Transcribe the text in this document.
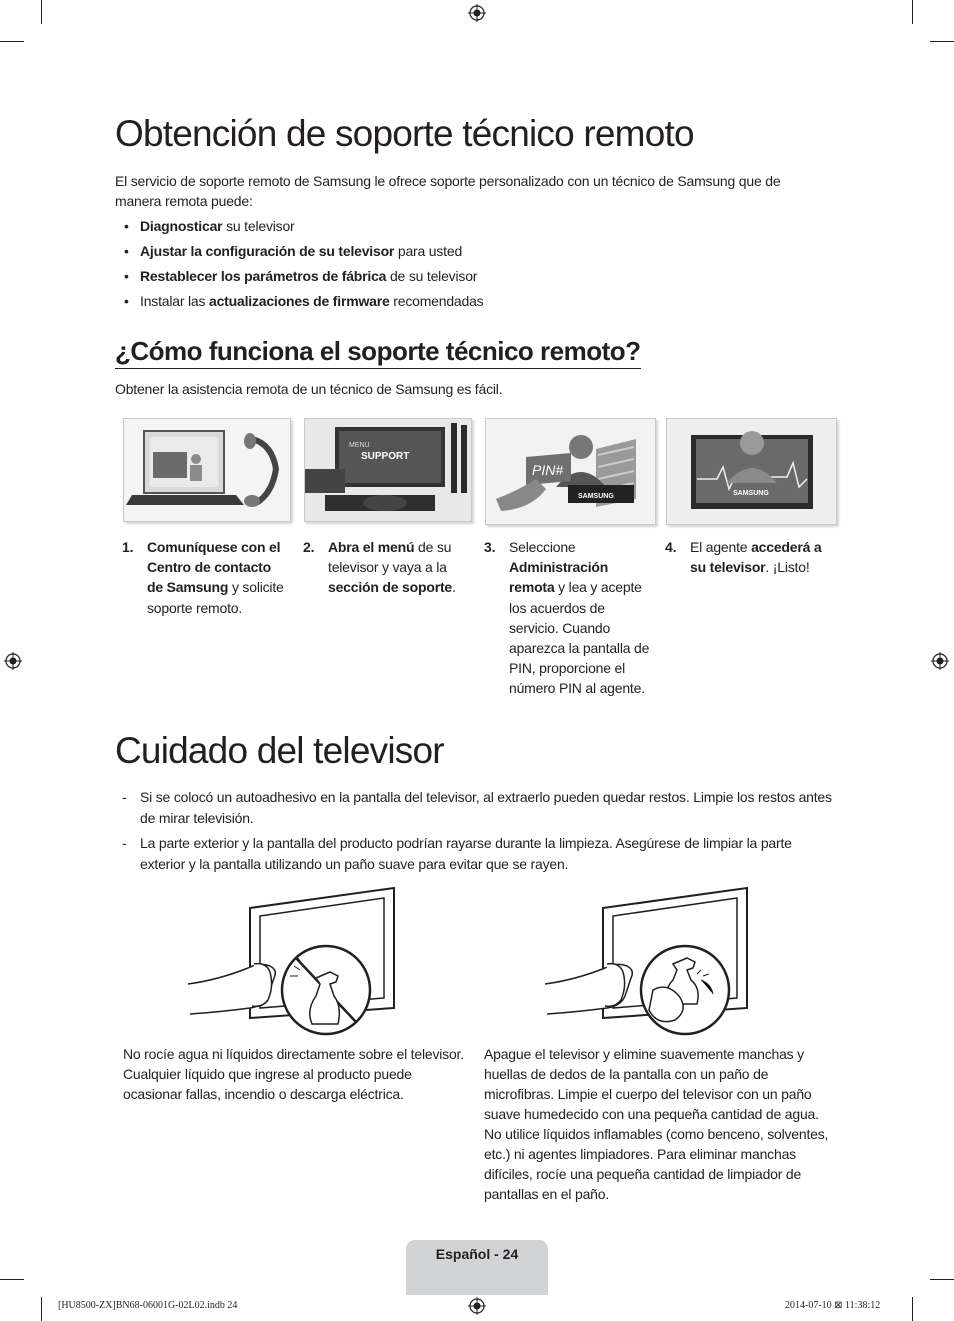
Obtención de soporte técnico remoto
El servicio de soporte remoto de Samsung le ofrece soporte personalizado con un técnico de Samsung que de manera remota puede:
• Diagnosticar su televisor
• Ajustar la configuración de su televisor para usted
• Restablecer los parámetros de fábrica de su televisor
• Instalar las actualizaciones de firmware recomendadas
¿Cómo funciona el soporte técnico remoto?
Obtener la asistencia remota de un técnico de Samsung es fácil.
MENU
SUPPORT
PIN#
SAMSUNG	SAMSUNG
1. Comuníquese con el Centro de contacto de Samsung y solicite soporte remoto.
2. Abra el menú de su televisor y vaya a la sección de soporte.
3. Seleccione Administración remota y lea y acepte los acuerdos de servicio. Cuando aparezca la pantalla de PIN, proporcione el número PIN al agente.
4. El agente accederá a su televisor. ¡Listo!
Cuidado del televisor
- Si se colocó un autoadhesivo en la pantalla del televisor, al extraerlo pueden quedar restos. Limpie los restos antes de mirar televisión.
- La parte exterior y la pantalla del producto podrían rayarse durante la limpieza. Asegúrese de limpiar la parte exterior y la pantalla utilizando un paño suave para evitar que se rayen.
No rocíe agua ni líquidos directamente sobre el televisor. Cualquier líquido que ingrese al producto puede ocasionar fallas, incendio o descarga eléctrica.
Apague el televisor y elimine suavemente manchas y huellas de dedos de la pantalla con un paño de microfibras. Limpie el cuerpo del televisor con un paño suave humedecido con una pequeña cantidad de agua. No utilice líquidos inflamables (como benceno, solventes, etc.) ni agentes limpiadores. Para eliminar manchas difíciles, rocíe una pequeña cantidad de limpiador de pantallas en el paño.
Español - 24
[HU8500-ZX]BN68-06001G-02L02.indb 24	2014-07-10 ⊠ 11:38:12
